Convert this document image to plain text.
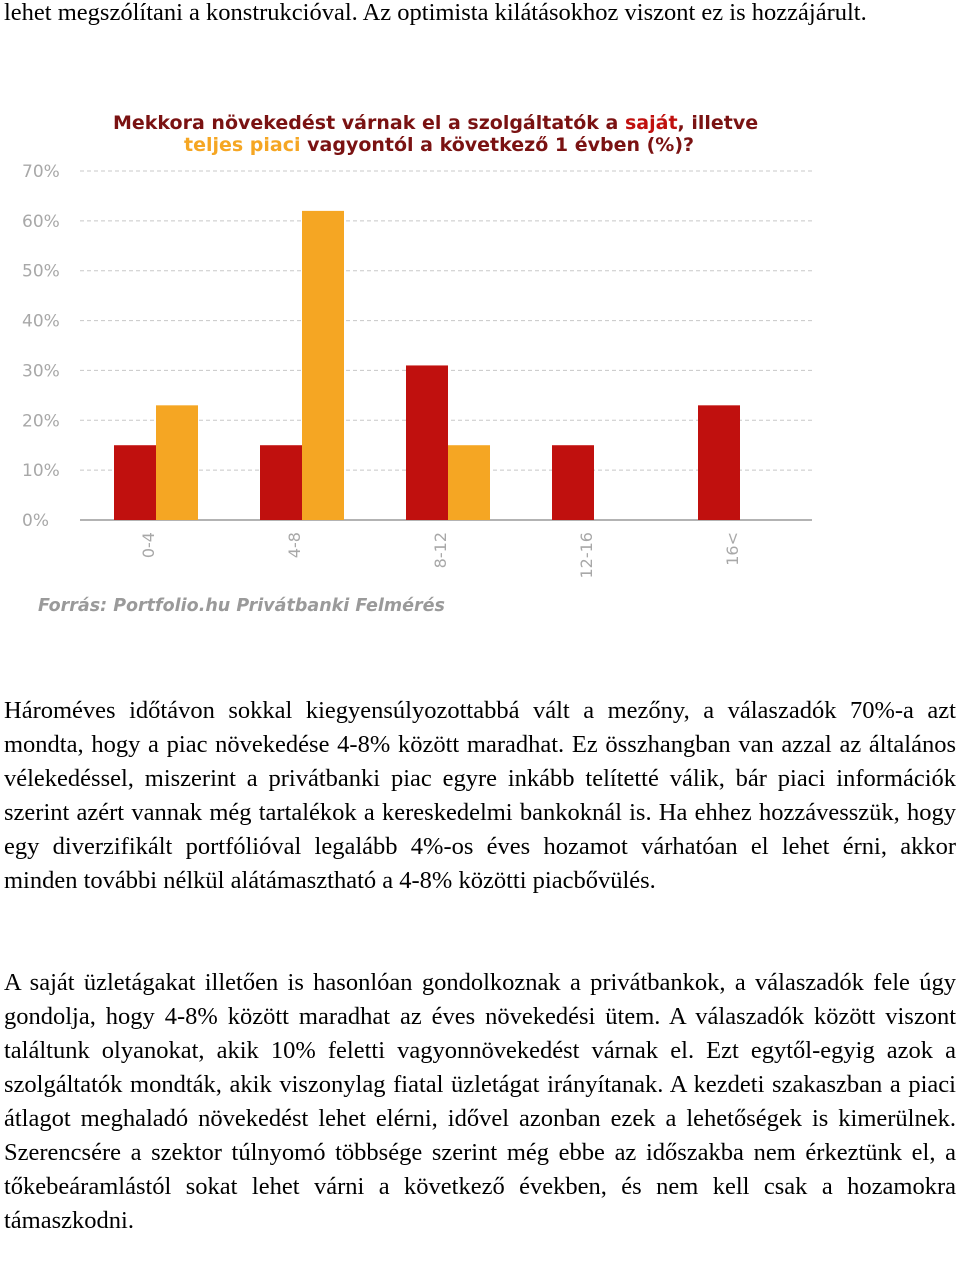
lehet megszólítani a konstrukcióval. Az optimista kilátásokhoz viszont ez is hozzájárult.

Mekkora növekedést várnak el a szolgáltatók a saját, illetve
teljes piaci vagyontól a következő 1 évben (%)?
0%
10%
20%
30%
40%
50%
60%
70%
0-4	4-8	8-12	12-16	16<
Forrás: Portfolio.hu Privátbanki Felmérés

Hároméves időtávon sokkal kiegyensúlyozottabbá vált a mezőny, a válaszadók 70%-a azt mondta, hogy a piac növekedése 4-8% között maradhat. Ez összhangban van azzal az általános vélekedéssel, miszerint a privátbanki piac egyre inkább telítetté válik, bár piaci információk szerint azért vannak még tartalékok a kereskedelmi bankoknál is. Ha ehhez hozzávesszük, hogy egy diverzifikált portfólióval legalább 4%-os éves hozamot várhatóan el lehet érni, akkor minden további nélkül alátámasztható a 4-8% közötti piacbővülés.

A saját üzletágakat illetően is hasonlóan gondolkoznak a privátbankok, a válaszadók fele úgy gondolja, hogy 4-8% között maradhat az éves növekedési ütem. A válaszadók között viszont találtunk olyanokat, akik 10% feletti vagyonnövekedést várnak el. Ezt egytől-egyig azok a szolgáltatók mondták, akik viszonylag fiatal üzletágat irányítanak. A kezdeti szakaszban a piaci átlagot meghaladó növekedést lehet elérni, idővel azonban ezek a lehetőségek is kimerülnek. Szerencsére a szektor túlnyomó többsége szerint még ebbe az időszakba nem érkeztünk el, a tőkebeáramlástól sokat lehet várni a következő években, és nem kell csak a hozamokra támaszkodni.
